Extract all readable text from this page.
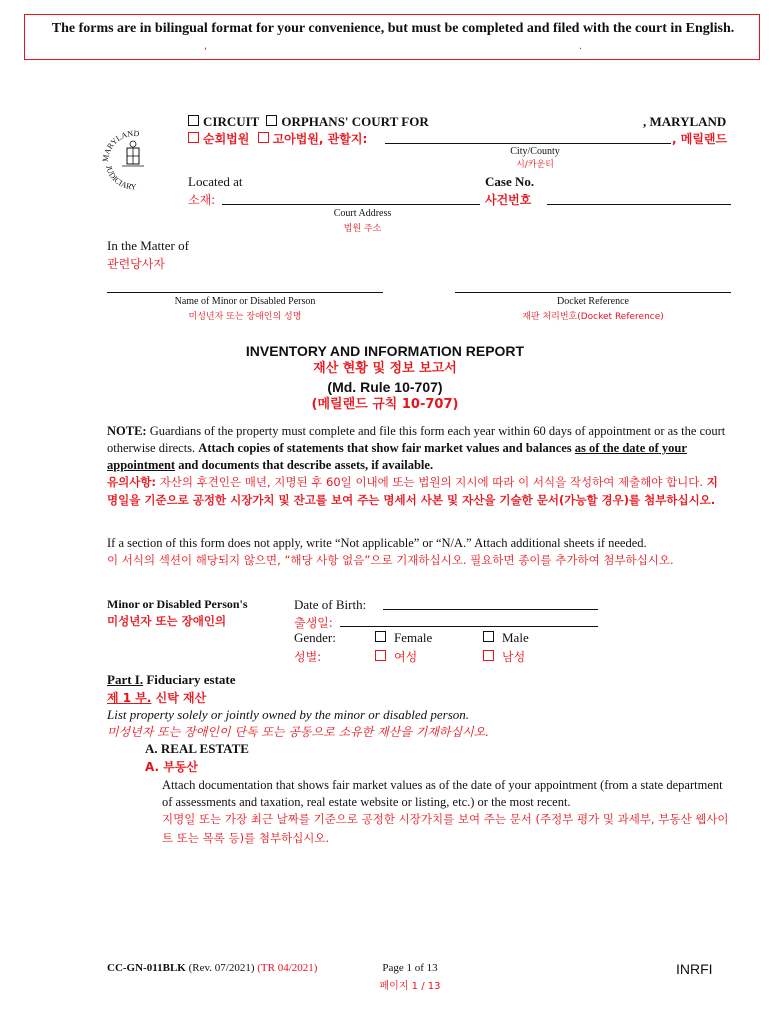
The forms are in bilingual format for your convenience, but must be completed and filed with the court in English.
,                                                                                                                     .
MARYLAND
JUDICIARY
CIRCUIT ORPHANS' COURT FOR	, MARYLAND
순회법원 고아법원, 관할지:	, 메릴랜드
City/County
시/카운티
Located at
소재:
Case No.
사건번호
Court Address
법원 주소
In the Matter of
관련당사자
Name of Minor or Disabled Person
미성년자 또는 장애인의 성명
Docket Reference
재판 처리번호(Docket Reference)
INVENTORY AND INFORMATION REPORT
재산 현황 및 정보 보고서
(Md. Rule 10-707)
(메릴랜드 규칙 10-707)
NOTE: Guardians of the property must complete and file this form each year within 60 days of appointment or as the court otherwise directs. Attach copies of statements that show fair market values and balances as of the date of your appointment and documents that describe assets, if available.
유의사항: 자산의 후견인은 매년, 지명된 후 60일 이내에 또는 법원의 지시에 따라 이 서식을 작성하여 제출해야 합니다. 지명일을 기준으로 공정한 시장가치 및 잔고를 보여 주는 명세서 사본 및 자산을 기술한 문서(가능할 경우)를 첨부하십시오.
If a section of this form does not apply, write “Not applicable” or “N/A.” Attach additional sheets if needed.
이 서식의 섹션이 해당되지 않으면, “해당 사항 없음”으로 기재하십시오. 필요하면 종이를 추가하여 첨부하십시오.
Minor or Disabled Person's
미성년자 또는 장애인의
Date of Birth:
출생일:
Gender:
성별:
Female
여성
Male
남성
Part I. Fiduciary estate
제 1 부. 신탁 재산
List property solely or jointly owned by the minor or disabled person.
미성년자 또는 장애인이 단독 또는 공동으로 소유한 재산을 기재하십시오.
A. REAL ESTATE
A. 부동산
Attach documentation that shows fair market values as of the date of your appointment (from a state department of assessments and taxation, real estate website or listing, etc.) or the most recent.
지명일 또는 가장 최근 날짜를 기준으로 공정한 시장가치를 보여 주는 문서 (주정부 평가 및 과세부, 부동산 웹사이트 또는 목록 등)를 첨부하십시오.
CC-GN-011BLK (Rev. 07/2021) (TR 04/2021)	Page 1 of 13
페이지 1 / 13
INRFI
